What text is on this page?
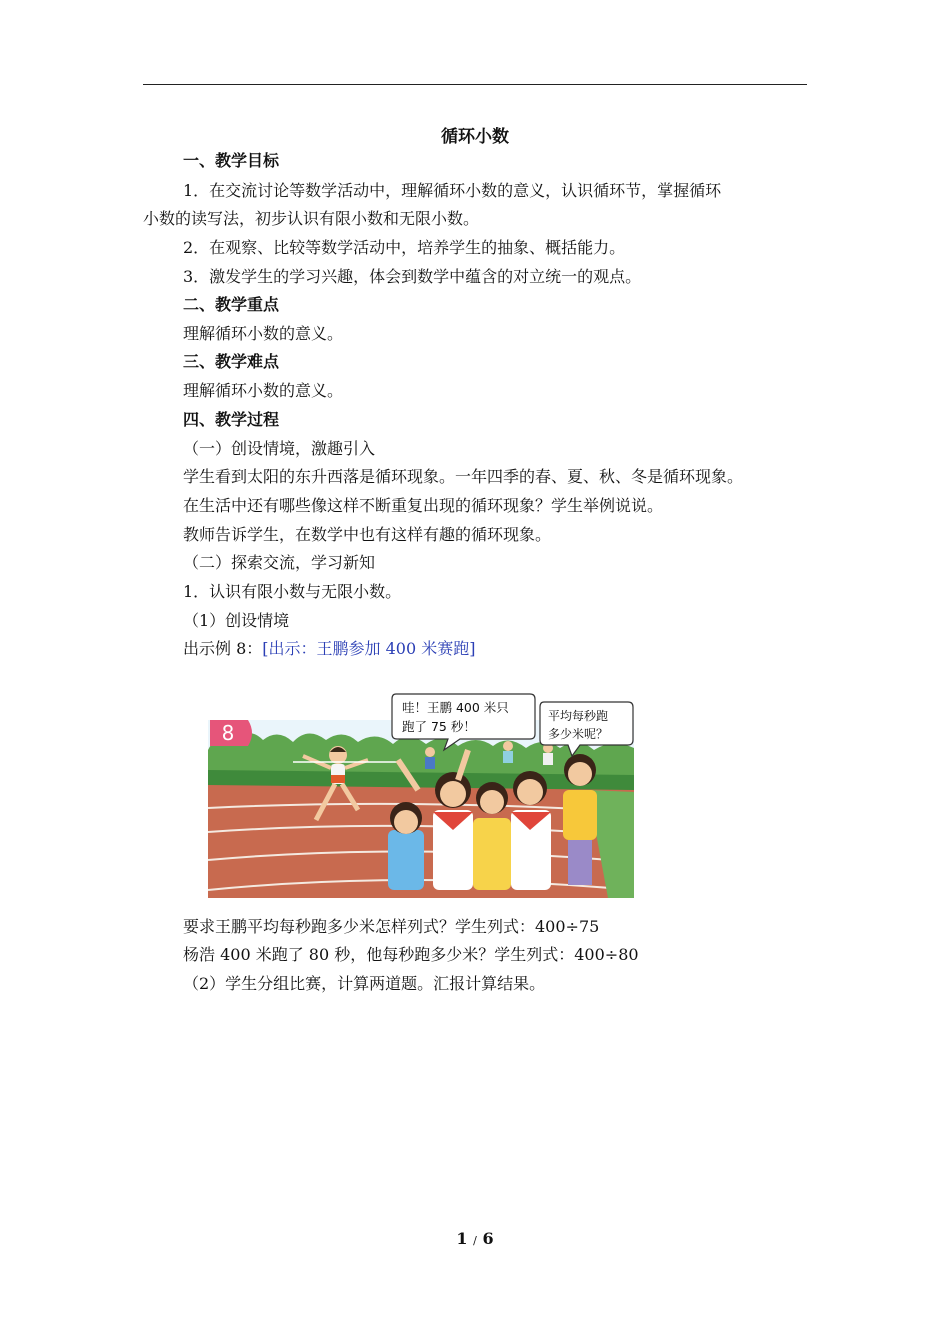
循环小数
一、教学目标
1．在交流讨论等数学活动中，理解循环小数的意义，认识循环节，掌握循环
小数的读写法，初步认识有限小数和无限小数。
2．在观察、比较等数学活动中，培养学生的抽象、概括能力。
3．激发学生的学习兴趣，体会到数学中蕴含的对立统一的观点。
二、教学重点
理解循环小数的意义。
三、教学难点
理解循环小数的意义。
四、教学过程
（一）创设情境，激趣引入
学生看到太阳的东升西落是循环现象。一年四季的春、夏、秋、冬是循环现象。
在生活中还有哪些像这样不断重复出现的循环现象？学生举例说说。
教师告诉学生，在数学中也有这样有趣的循环现象。
（二）探索交流，学习新知
1．认识有限小数与无限小数。
（1）创设情境
出示例 8：[出示：王鹏参加 400 米赛跑]
8
哇！王鹏 400 米只
跑了 75 秒！
平均每秒跑
多少米呢？
要求王鹏平均每秒跑多少米怎样列式？学生列式：400÷75
杨浩 400 米跑了 80 秒，他每秒跑多少米？学生列式：400÷80
（2）学生分组比赛，计算两道题。汇报计算结果。
1 / 6
